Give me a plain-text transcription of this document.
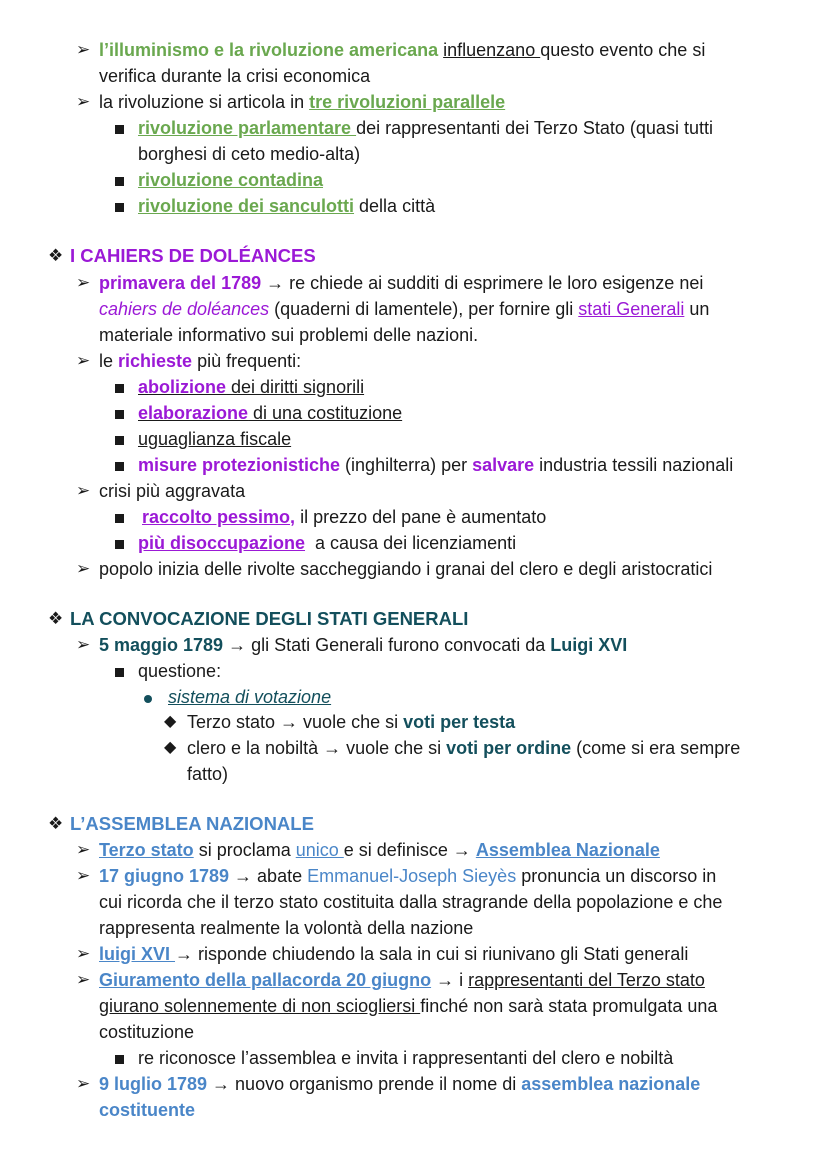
➢ l’illuminismo e la rivoluzione americana influenzano questo evento che si
verifica durante la crisi economica
➢ la rivoluzione si articola in tre rivoluzioni parallele
rivoluzione parlamentare dei rappresentanti dei Terzo Stato (quasi tutti
borghesi di ceto medio-alta)
rivoluzione contadina
rivoluzione dei sanculotti della città
❖ I CAHIERS DE DOLÉANCES
➢ primavera del 1789 → re chiede ai sudditi di esprimere le loro esigenze nei
cahiers de doléances (quaderni di lamentele), per fornire gli stati Generali un
materiale informativo sui problemi delle nazioni.
➢ le richieste più frequenti:
abolizione dei diritti signorili
elaborazione di una costituzione
uguaglianza fiscale
misure protezionistiche (inghilterra) per salvare industria tessili nazionali
➢ crisi più aggravata
raccolto pessimo, il prezzo del pane è aumentato
più disoccupazione  a causa dei licenziamenti
➢ popolo inizia delle rivolte saccheggiando i granai del clero e degli aristocratici
❖ LA CONVOCAZIONE DEGLI STATI GENERALI
➢ 5 maggio 1789 → gli Stati Generali furono convocati da Luigi XVI
questione:
sistema di votazione
◆ Terzo stato → vuole che si voti per testa
◆ clero e la nobiltà → vuole che si voti per ordine (come si era sempre
fatto)
❖ L’ASSEMBLEA NAZIONALE
➢ Terzo stato si proclama unico e si definisce → Assemblea Nazionale
➢ 17 giugno 1789 → abate Emmanuel-Joseph Sieyès pronuncia un discorso in
cui ricorda che il terzo stato costituita dalla stragrande della popolazione e che
rappresenta realmente la volontà della nazione
➢ luigi XVI → risponde chiudendo la sala in cui si riunivano gli Stati generali
➢ Giuramento della pallacorda 20 giugno → i rappresentanti del Terzo stato
giurano solennemente di non sciogliersi finché non sarà stata promulgata una
costituzione
re riconosce l’assemblea e invita i rappresentanti del clero e nobiltà
➢ 9 luglio 1789 → nuovo organismo prende il nome di assemblea nazionale
costituente
